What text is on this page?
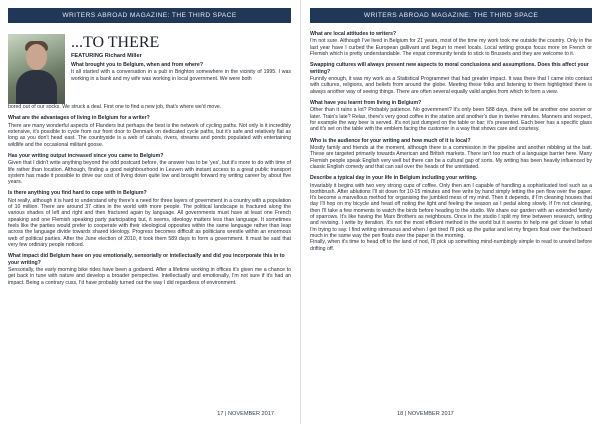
WRITERS ABROAD MAGAZINE: THE THIRD SPACE
...TO THERE
FEATURING Richard Miller
What brought you to Belgium, when and from where?

It all started with a conversation in a pub in Brighton somewhere in the vicinity of 1995. I was working in a bank and my wife was working in local government. We were both

bored out of our socks. We struck a deal. First one to find a new job, that's where we'd move.

What are the advantages of living in Belgium for a writer?

There are many wonderful aspects of Flanders but perhaps the best is the network of cycling paths. Not only is it incredibly extensive, it's possible to cycle from our front door to Denmark on dedicated cycle paths, but it's safe and relatively flat as long as you don't head east. The countryside is a web of canals, rivers, streams and ponds populated with entertaining wildlife and the occasional militant goose.

Has your writing output increased since you came to Belgium?

Given that I didn't write anything beyond the odd postcard before, the answer has to be 'yes', but it's more to do with time of life rather than location. Although, finding a good neighbourhood in Leuven with instant access to a great public transport system has made it possible to drive our cost of living down quite low and brought forward my writing career by about five years.

Is there anything you find hard to cope with in Belgium?

Not really, although it is hard to understand why there's a need for three layers of government in a country with a population of 10 million. There are around 37 cities in the world with more people. The political landscape is fractured along the various shades of left and right and then fractured again by language. All governments must have at least one French speaking and one Flemish speaking party participating but, it seems, ideology matters less than language. It sometimes feels like the parties would prefer to cooperate with their ideological opposites within the same language rather than leap across the language divide towards shared ideology. Progress becomes difficult as politicians wrestle within an enormous web of political parties. After the June election of 2010, it took them 589 days to form a government. It must be said that very few ordinary people noticed.

What impact did Belgium have on you emotionally, sensorially or intellectually and did you incorporate this in to your writing?

Sensorially, the early morning bike rides have been a godsend. After a lifetime working in offices it's given me a chance to get back in tune with nature and develop a broader perspective. Intellectually and emotionally, I'm not sure if it's had an impact. Being a contrary cuss, I'd have probably turned out the way I did regardless of environment.

17 | NOVEMBER 2017
WRITERS ABROAD MAGAZINE: THE THIRD SPACE
What are local attitudes to writers?

I'm not sure. Although I've lived in Belgium for 21 years, most of the time my work took me outside the country. Only in the last year have I curbed the European gallivant and begun to meet locals. Local writing groups focus more on French or Flemish which is pretty understandable. The expat community tends to stick to Brussels and they are welcome to it.

Swapping cultures will always present new aspects to moral conclusions and assumptions. Does this affect your writing?

Funnily enough, it was my work as a Statistical Programmer that had greater impact. It was there that I came into contact with cultures, religions, and beliefs from around the globe. Meeting these folks and listening to them highlighted there is always another way of seeing things. There are often several equally valid angles from which to form a view.

What have you learnt from living in Belgium?

Other than it rains a lot? Probably patience. No government? It's only been 588 days, there will be another one sooner or later. Train's late? Relax, there's very good coffee in the station and another's due in twelve minutes. Manners and respect, for example the way beer is served. It's not just dumped on the table or bar; it's presented. Each beer has a specific glass and it's set on the table with the emblem facing the customer in a way that shows care and courtesy.

Who is the audience for your writing and how much of it is local?

Mostly family and friends at the moment, although there is a commission in the pipeline and another nibbling at the bait. These are targeted primarily towards American and British markets. There isn't too much of a language barrier here. Many Flemish people speak English very well but there can be a cultural gap of sorts. My writing has been heavily influenced by classic English comedy and that can sail over the heads of the uninitiated.

Describe a typical day in your life in Belgium including your writing.

Invariably it begins with two very strong cups of coffee. Only then am I capable of handling a sophisticated tool such as a toothbrush. After ablutions I'll sit down for 10-15 minutes and free write by hand simply letting the pen flow over the paper. It's become a marvellous method for organising the jumbled mess of my mind. Then it depends, if I'm cleaning houses that day I'll hop on my bicycle and head off noting the light and feeling the season as I pedal along slowly. If I'm not cleaning, then I'll take a few moments to watch the birds before heading to the studio. We share our garden with an extended family of sparrows. It's like having the Marx Brothers as neighbours. Once in the studio I split my time between research, writing and revising. I write by iteration. It's not the most efficient method in the world but it seems to help me get closer to what I'm trying to say. I find writing strenuous and when I get tired I'll pick up the guitar and let my fingers float over the fretboard much in the same way the pen floats over the paper in the morning.

Finally, when it's time to head off to the land of nod, I'll pick up something mind-numbingly simple to read to unwind before drifting off.

18 | NOVEMBER 2017
